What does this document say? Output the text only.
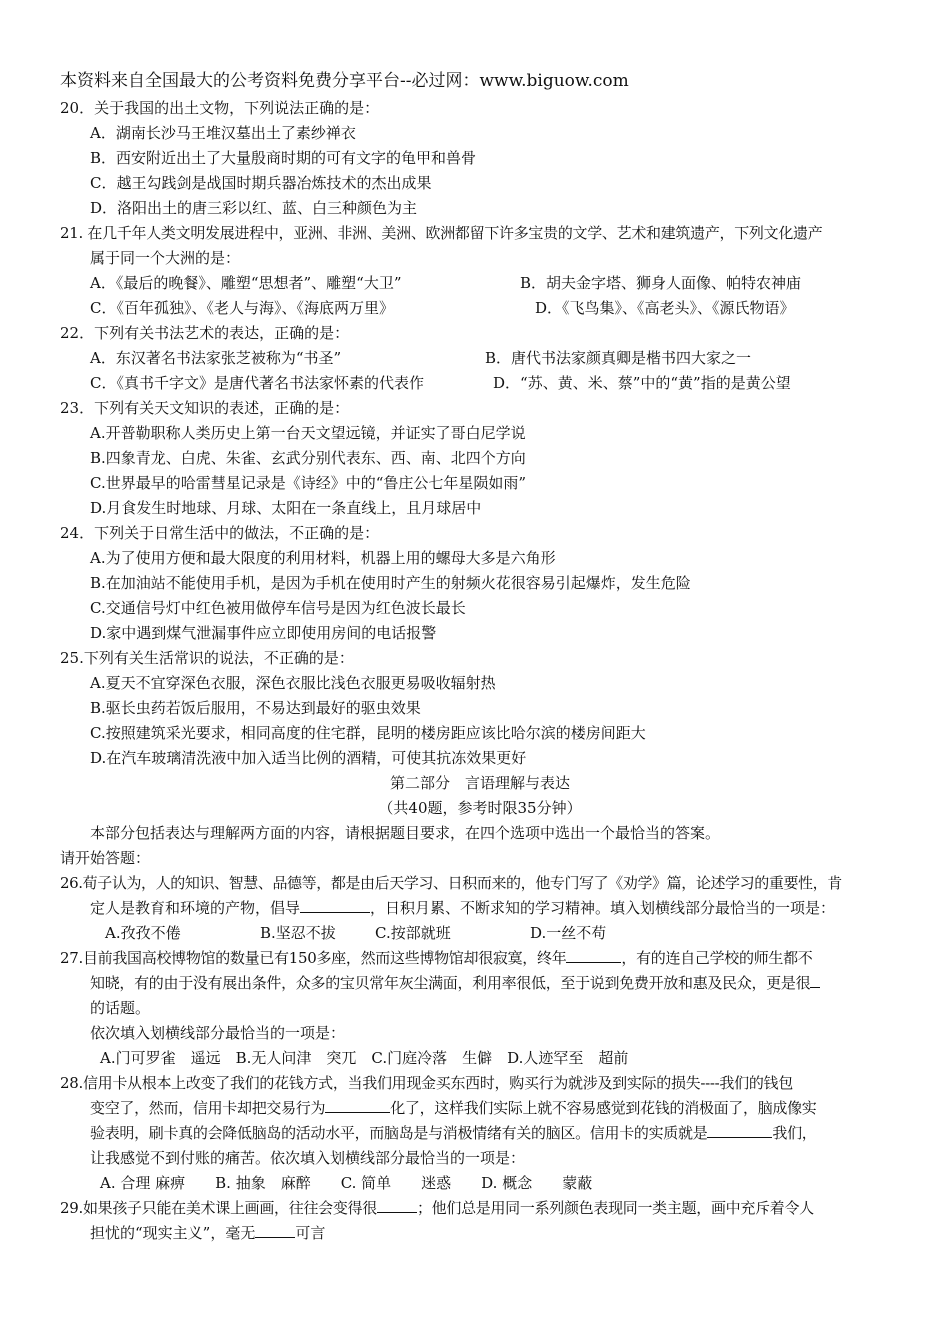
本资料来自全国最大的公考资料免费分享平台--必过网：www.biguow.com
20．关于我国的出土文物，下列说法正确的是：
A．湖南长沙马王堆汉墓出土了素纱禅衣
B．西安附近出土了大量殷商时期的可有文字的龟甲和兽骨
C．越王勾践剑是战国时期兵器冶炼技术的杰出成果
D．洛阳出土的唐三彩以红、蓝、白三种颜色为主
21. 在几千年人类文明发展进程中，亚洲、非洲、美洲、欧洲都留下许多宝贵的文学、艺术和建筑遗产，下列文化遗产
属于同一个大洲的是：
A．《最后的晚餐》、雕塑“思想者”、雕塑“大卫”	B．胡夫金字塔、狮身人面像、帕特农神庙
C．《百年孤独》、《老人与海》、《海底两万里》	D．《飞鸟集》、《高老头》、《源氏物语》
22．下列有关书法艺术的表达，正确的是：
A．东汉著名书法家张芝被称为“书圣”	B．唐代书法家颜真卿是楷书四大家之一
C．《真书千字文》是唐代著名书法家怀素的代表作	D．“苏、黄、米、蔡”中的“黄”指的是黄公望
23．下列有关天文知识的表述，正确的是：
A.开普勒职称人类历史上第一台天文望远镜，并证实了哥白尼学说
B.四象青龙、白虎、朱雀、玄武分别代表东、西、南、北四个方向
C.世界最早的哈雷彗星记录是《诗经》中的“鲁庄公七年星陨如雨”
D.月食发生时地球、月球、太阳在一条直线上，且月球居中
24．下列关于日常生活中的做法，不正确的是：
A.为了使用方便和最大限度的利用材料，机器上用的螺母大多是六角形
B.在加油站不能使用手机，是因为手机在使用时产生的射频火花很容易引起爆炸，发生危险
C.交通信号灯中红色被用做停车信号是因为红色波长最长
D.家中遇到煤气泄漏事件应立即使用房间的电话报警
25.下列有关生活常识的说法，不正确的是：
A.夏天不宜穿深色衣服，深色衣服比浅色衣服更易吸收辐射热
B.驱长虫药若饭后服用，不易达到最好的驱虫效果
C.按照建筑采光要求，相同高度的住宅群，昆明的楼房距应该比哈尔滨的楼房间距大
D.在汽车玻璃清洗液中加入适当比例的酒精，可使其抗冻效果更好
第二部分　言语理解与表达
（共40题，参考时限35分钟）
本部分包括表达与理解两方面的内容，请根据题目要求，在四个选项中选出一个最恰当的答案。
请开始答题：
26.荀子认为，人的知识、智慧、品德等，都是由后天学习、日积而来的，他专门写了《劝学》篇，论述学习的重要性，肯
定人是教育和环境的产物，倡导	，日积月累、不断求知的学习精神。填入划横线部分最恰当的一项是：
A.孜孜不倦	B.坚忍不拔	C.按部就班	D.一丝不苟
27.目前我国高校博物馆的数量已有150多座，然而这些博物馆却很寂寞，终年	，有的连自己学校的师生都不
知晓，有的由于没有展出条件，众多的宝贝常年灰尘满面，利用率很低，至于说到免费开放和惠及民众，更是很
的话题。
依次填入划横线部分最恰当的一项是：
A.门可罗雀　遥远　B.无人问津　突兀　C.门庭冷落　生僻　D.人迹罕至　超前
28.信用卡从根本上改变了我们的花钱方式，当我们用现金买东西时，购买行为就涉及到实际的损失----我们的钱包
变空了，然而，信用卡却把交易行为	化了，这样我们实际上就不容易感觉到花钱的消极面了，脑成像实
验表明，刷卡真的会降低脑岛的活动水平，而脑岛是与消极情绪有关的脑区。信用卡的实质就是	我们，
让我感觉不到付账的痛苦。依次填入划横线部分最恰当的一项是：
A. 合理 麻痹　　B. 抽象　麻醉　　C. 简单　　迷惑　　D. 概念　　蒙蔽
29.如果孩子只能在美术课上画画，往往会变得很	；他们总是用同一系列颜色表现同一类主题，画中充斥着令人
担忧的“现实主义”，毫无	可言
